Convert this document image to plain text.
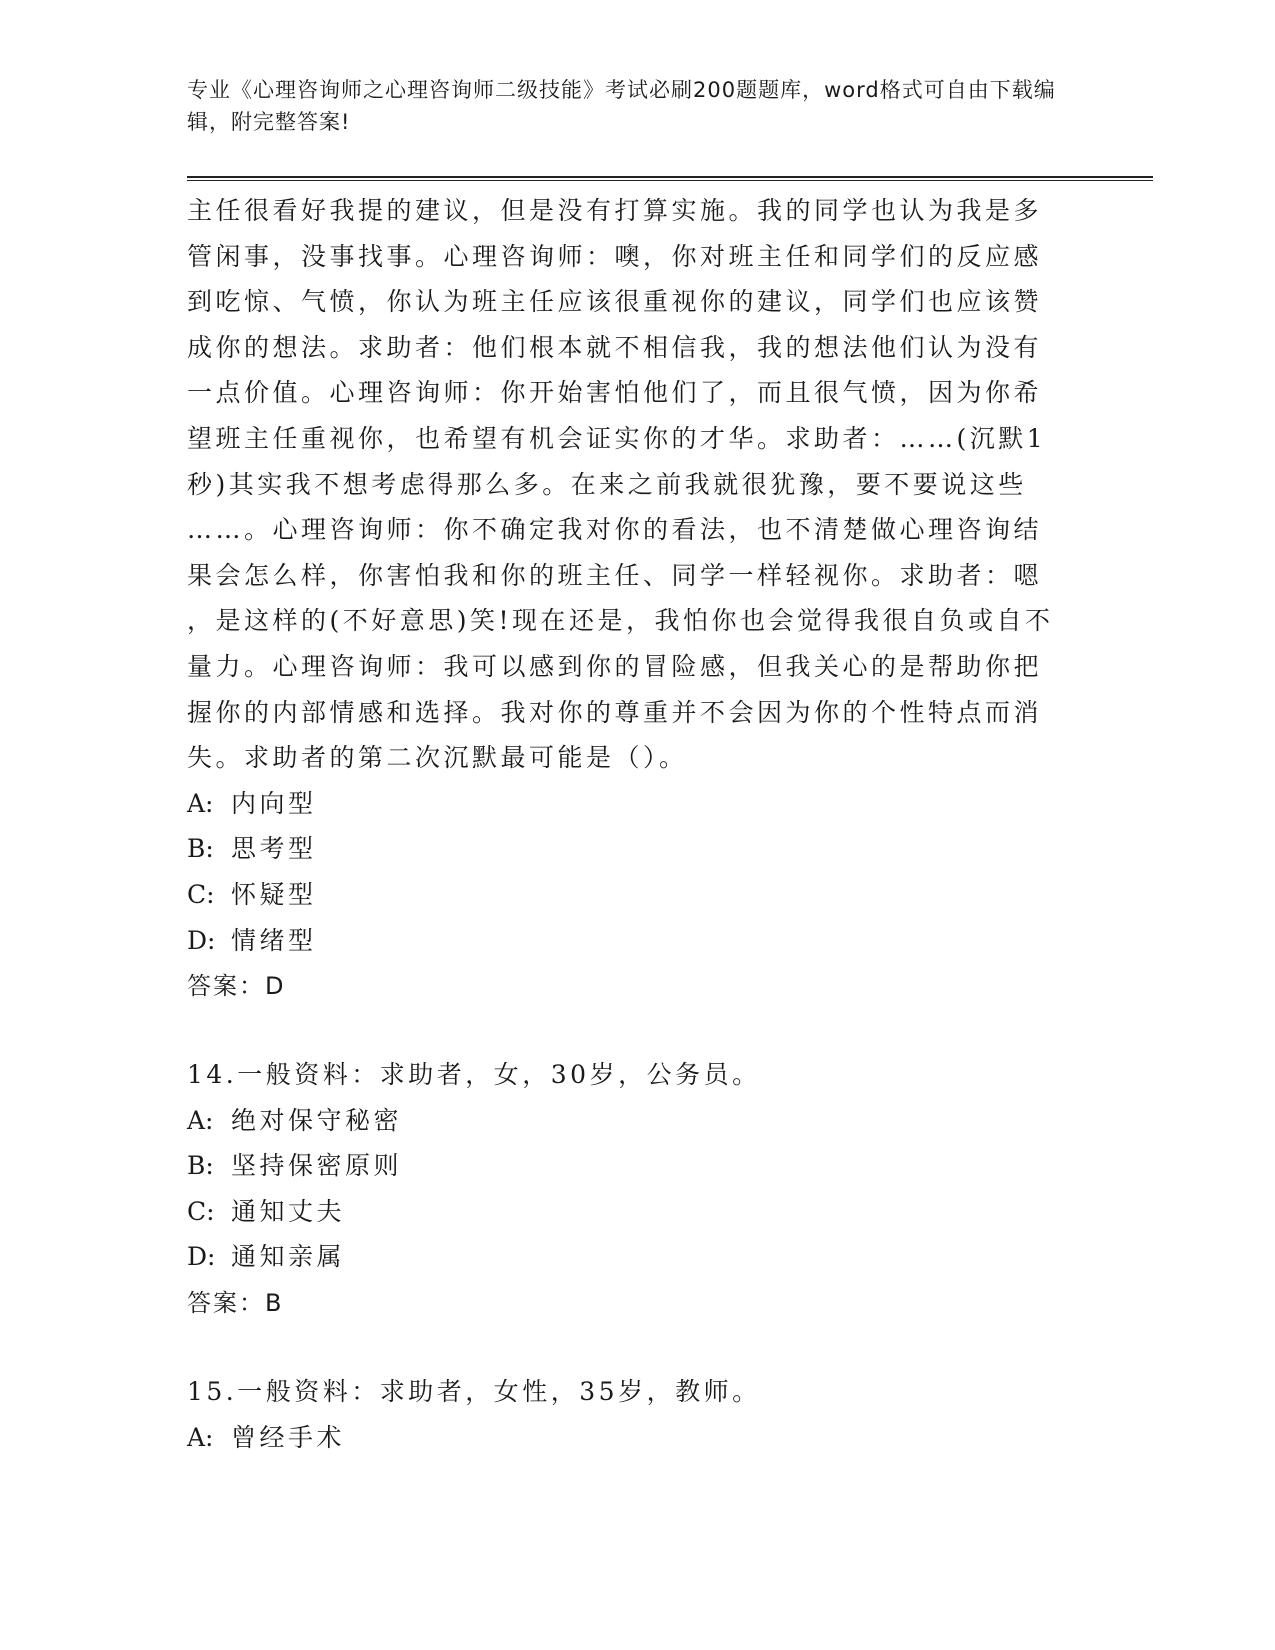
专业《心理咨询师之心理咨询师二级技能》考试必刷200题题库，word格式可自由下载编辑，附完整答案!
主任很看好我提的建议，但是没有打算实施。我的同学也认为我是多
管闲事，没事找事。心理咨询师：噢，你对班主任和同学们的反应感
到吃惊、气愤，你认为班主任应该很重视你的建议，同学们也应该赞
成你的想法。求助者：他们根本就不相信我，我的想法他们认为没有
一点价值。心理咨询师：你开始害怕他们了，而且很气愤，因为你希
望班主任重视你，也希望有机会证实你的才华。求助者：……(沉默1
秒)其实我不想考虑得那么多。在来之前我就很犹豫，要不要说这些
……。心理咨询师：你不确定我对你的看法，也不清楚做心理咨询结
果会怎么样，你害怕我和你的班主任、同学一样轻视你。求助者：嗯
，是这样的(不好意思)笑!现在还是，我怕你也会觉得我很自负或自不
量力。心理咨询师：我可以感到你的冒险感，但我关心的是帮助你把
握你的内部情感和选择。我对你的尊重并不会因为你的个性特点而消
失。求助者的第二次沉默最可能是（）。
A: 内向型
B: 思考型
C: 怀疑型
D: 情绪型
答案：D
14.一般资料：求助者，女，30岁，公务员。
A: 绝对保守秘密
B: 坚持保密原则
C: 通知丈夫
D: 通知亲属
答案：B
15.一般资料：求助者，女性，35岁，教师。
A: 曾经手术
